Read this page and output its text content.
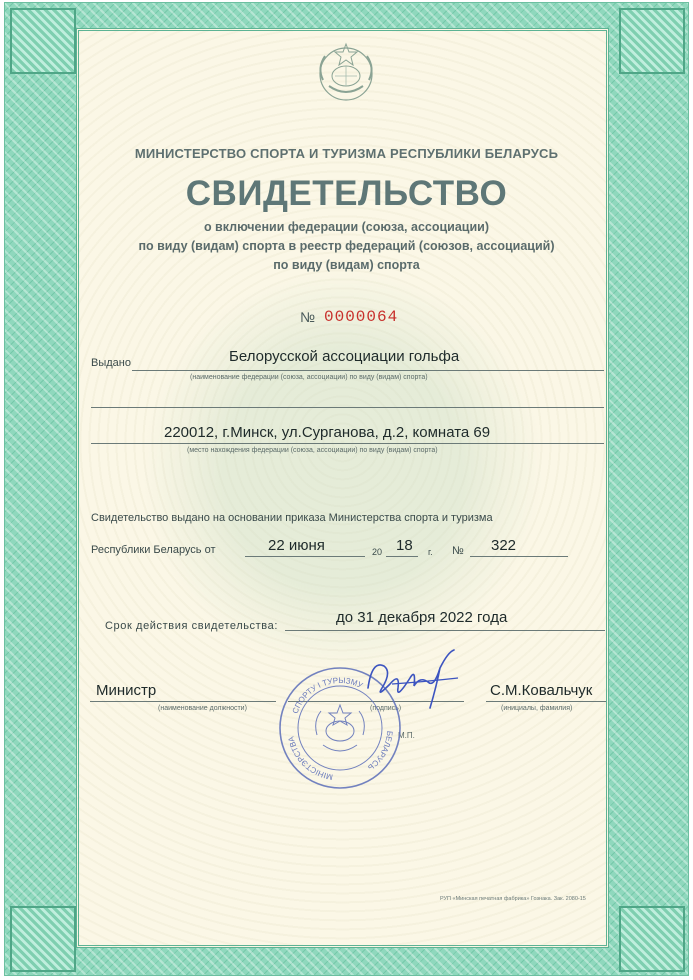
МИНИСТЕРСТВО СПОРТА И ТУРИЗМА РЕСПУБЛИКИ БЕЛАРУСЬ
СВИДЕТЕЛЬСТВО
о включении федерации (союза, ассоциации)
по виду (видам) спорта в реестр федераций (союзов, ассоциаций)
по виду (видам) спорта
№ 0000064
Выдано	Белорусской ассоциации гольфа
(наименование федерации (союза, ассоциации) по виду (видам) спорта)
220012, г.Минск, ул.Сурганова, д.2, комната 69
(место нахождения федерации (союза, ассоциации) по виду (видам) спорта)
Свидетельство выдано на основании приказа Министерства спорта и туризма
Республики Беларусь от	22 июня	20 18 г. № 322
Срок действия свидетельства:	до 31 декабря 2022 года
Министр
(наименование должности)	(подпись)
М.П.
С.М.Ковальчук
(инициалы, фамилия)
СПОРТУ І ТУРЫЗМУ
МІНІСТЭРСТВА
БЕЛАРУСЬ
РУП «Минская печатная фабрика» Гознака. Зак. 2080-15
